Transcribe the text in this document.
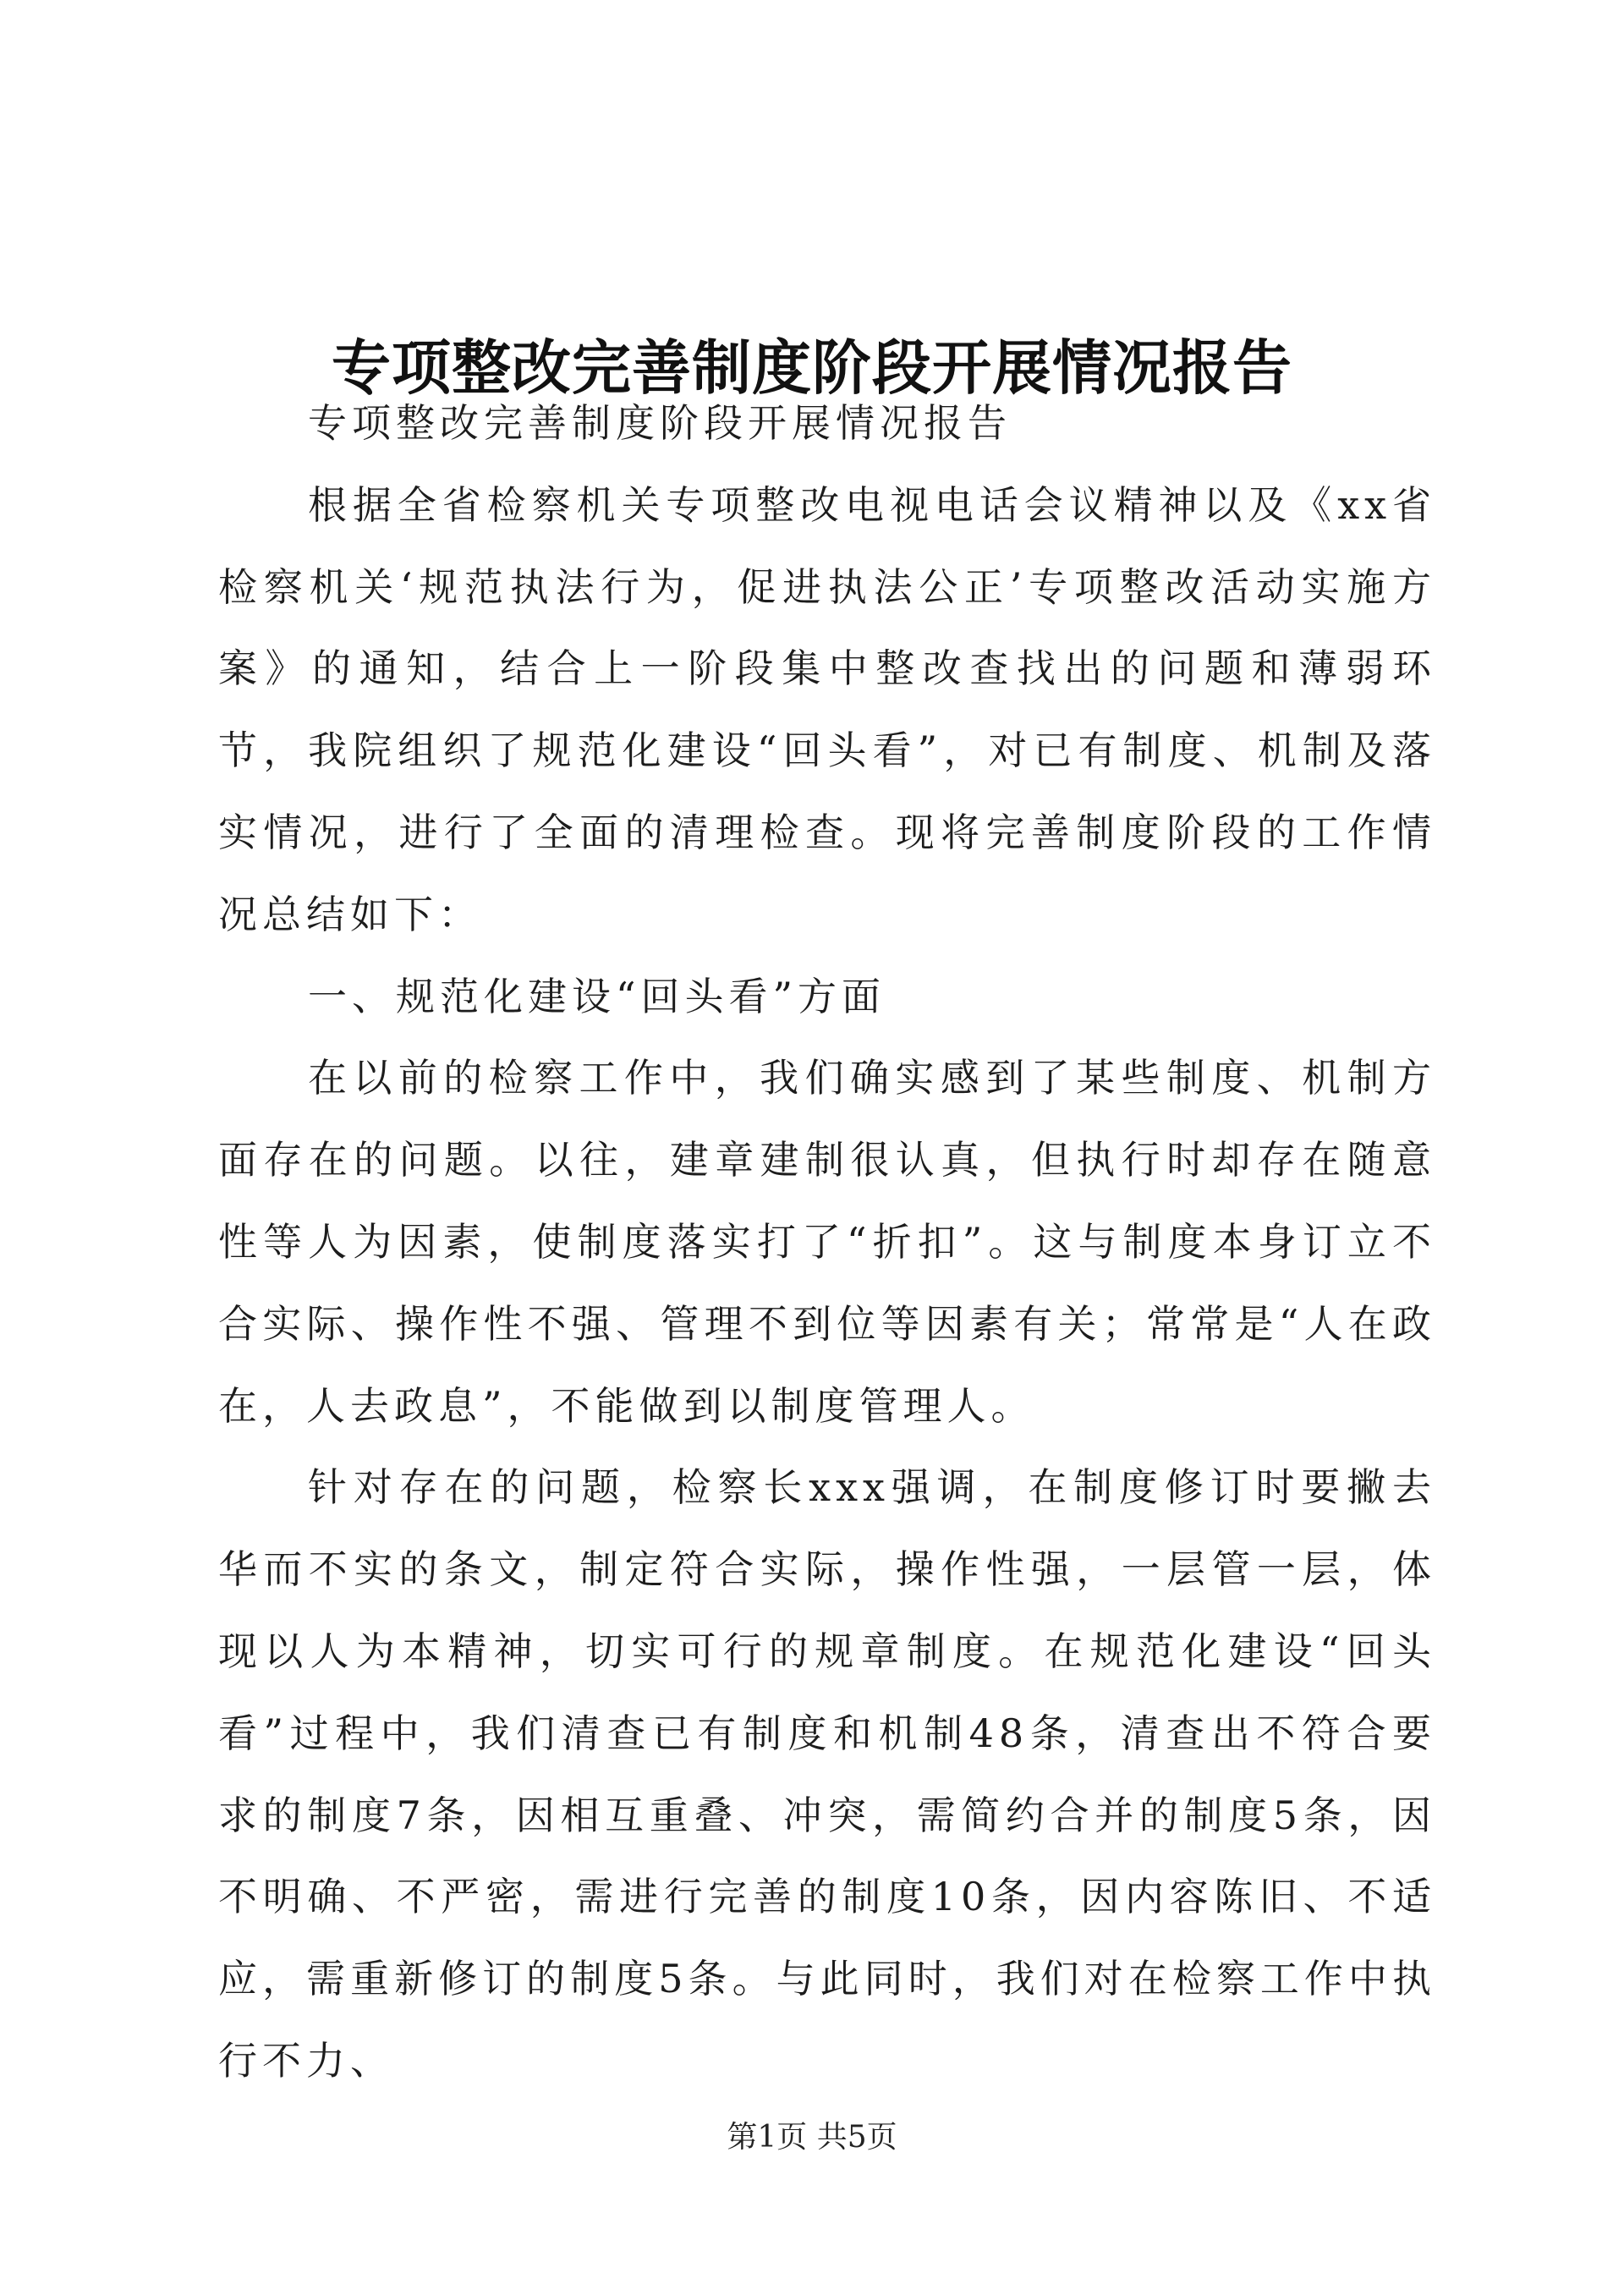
专项整改完善制度阶段开展情况报告

专项整改完善制度阶段开展情况报告

根据全省检察机关专项整改电视电话会议精神以及《xx省检察机关‘规范执法行为，促进执法公正’专项整改活动实施方案》的通知，结合上一阶段集中整改查找出的问题和薄弱环节，我院组织了规范化建设“回头看”，对已有制度、机制及落实情况，进行了全面的清理检查。现将完善制度阶段的工作情况总结如下：

一、规范化建设“回头看”方面

在以前的检察工作中，我们确实感到了某些制度、机制方面存在的问题。以往，建章建制很认真，但执行时却存在随意性等人为因素，使制度落实打了“折扣”。这与制度本身订立不合实际、操作性不强、管理不到位等因素有关；常常是“人在政在，人去政息”，不能做到以制度管理人。

针对存在的问题，检察长xxx强调，在制度修订时要撇去华而不实的条文，制定符合实际，操作性强，一层管一层，体现以人为本精神，切实可行的规章制度。在规范化建设“回头看”过程中，我们清查已有制度和机制48条，清查出不符合要求的制度7条，因相互重叠、冲突，需简约合并的制度5条，因不明确、不严密，需进行完善的制度10条，因内容陈旧、不适应，需重新修订的制度5条。与此同时，我们对在检察工作中执行不力、

第1页 共5页
